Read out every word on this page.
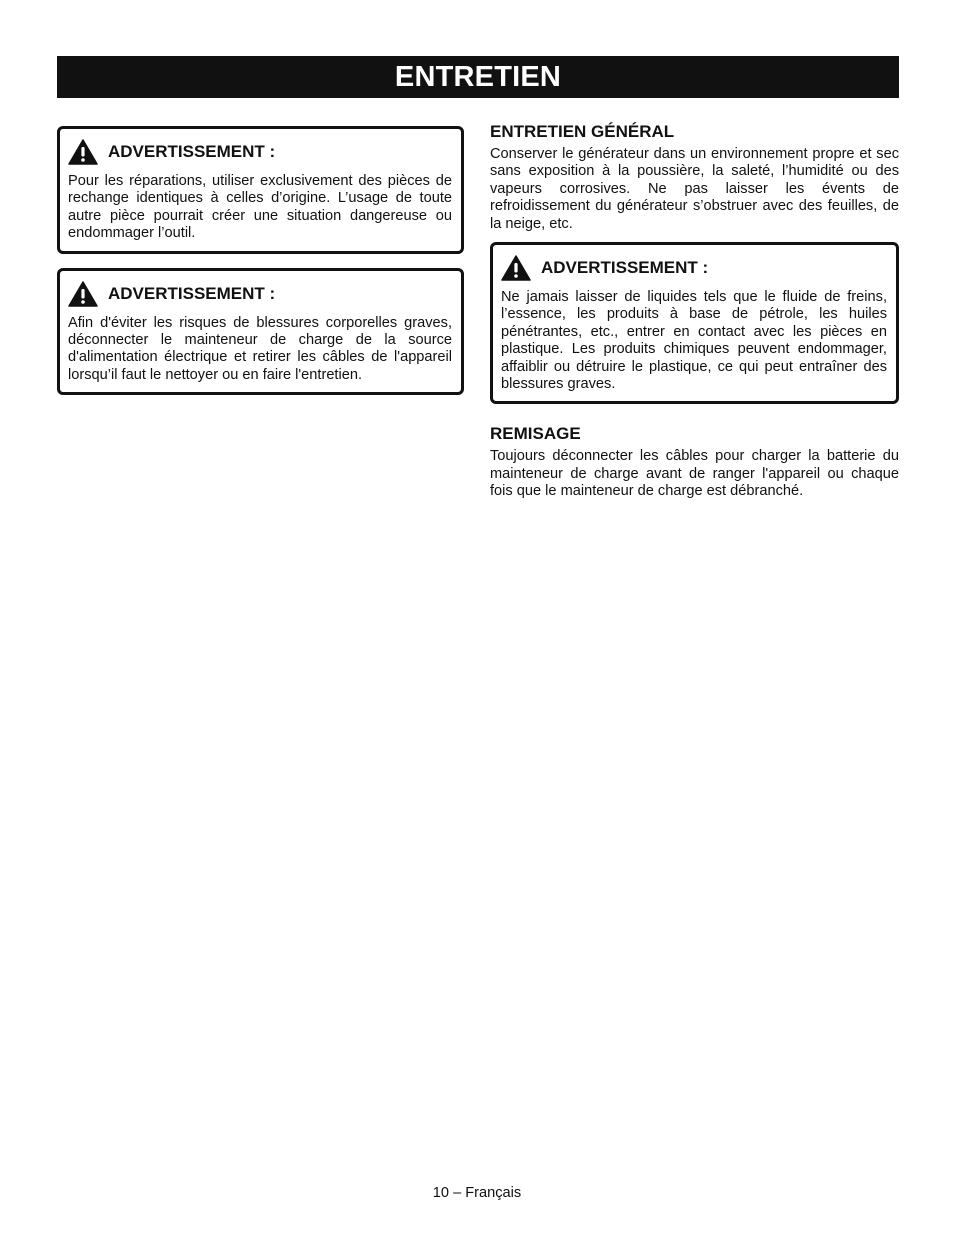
ENTRETIEN
ADVERTISSEMENT :

Pour les réparations, utiliser exclusivement des pièces de rechange identiques à celles d’origine. L’usage de toute autre pièce pourrait créer une situation dangereuse ou endommager l’outil.

ADVERTISSEMENT :

Afin d'éviter les risques de blessures corporelles graves, déconnecter le mainteneur de charge de la source d'alimentation électrique et retirer les câbles de l'appareil lorsqu’il faut le nettoyer ou en faire l'entretien.

ENTRETIEN GÉNÉRAL

Conserver le générateur dans un environnement propre et sec sans exposition à la poussière, la saleté, l’humidité ou des vapeurs corrosives. Ne pas laisser les évents de refroidissement du générateur s’obstruer avec des feuilles, de la neige, etc.

ADVERTISSEMENT :

Ne jamais laisser de liquides tels que le fluide de freins, l’essence, les produits à base de pétrole, les huiles pénétrantes, etc., entrer en contact avec les pièces en plastique. Les produits chimiques peuvent endommager, affaiblir ou détruire le plastique, ce qui peut entraîner des blessures graves.

REMISAGE

Toujours déconnecter les câbles pour charger la batterie du mainteneur de charge avant de ranger l'appareil ou chaque fois que le mainteneur de charge est débranché.

10 – Français
